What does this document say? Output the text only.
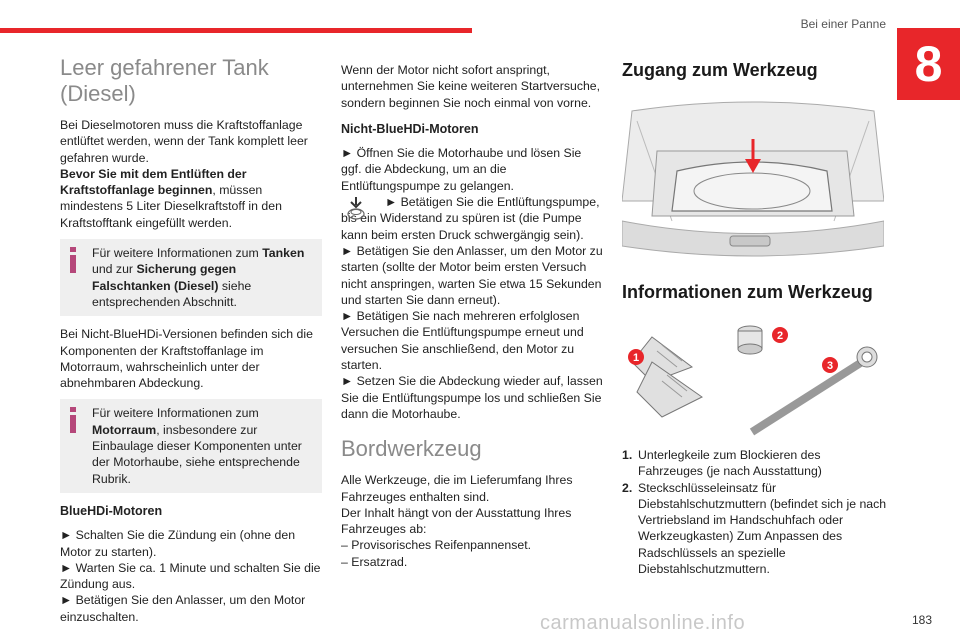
Bei einer Panne
8
Leer gefahrener Tank (Diesel)

Bei Dieselmotoren muss die Kraftstoffanlage entlüftet werden, wenn der Tank komplett leer gefahren wurde.
Bevor Sie mit dem Entlüften der Kraftstoffanlage beginnen, müssen mindestens 5 Liter Dieselkraftstoff in den Kraftstofftank eingefüllt werden.

Für weitere Informationen zum Tanken und zur Sicherung gegen Falschtanken (Diesel) siehe entsprechenden Abschnitt.

Bei Nicht-BlueHDi-Versionen befinden sich die Komponenten der Kraftstoffanlage im Motorraum, wahrscheinlich unter der abnehmbaren Abdeckung.

Für weitere Informationen zum Motorraum, insbesondere zur Einbaulage dieser Komponenten unter der Motorhaube, siehe entsprechende Rubrik.
BlueHDi-Motoren
► Schalten Sie die Zündung ein (ohne den Motor zu starten).
► Warten Sie ca. 1 Minute und schalten Sie die Zündung aus.
► Betätigen Sie den Anlasser, um den Motor einzuschalten.

Wenn der Motor nicht sofort anspringt, unternehmen Sie keine weiteren Startversuche, sondern beginnen Sie noch einmal von vorne.

Nicht-BlueHDi-Motoren
► Öffnen Sie die Motorhaube und lösen Sie ggf. die Abdeckung, um an die Entlüftungspumpe zu gelangen.
► Betätigen Sie die Entlüftungspumpe, bis ein Widerstand zu spüren ist (die Pumpe kann beim ersten Druck schwergängig sein).
► Betätigen Sie den Anlasser, um den Motor zu starten (sollte der Motor beim ersten Versuch nicht anspringen, warten Sie etwa 15 Sekunden und starten Sie dann erneut).
► Betätigen Sie nach mehreren erfolglosen Versuchen die Entlüftungspumpe erneut und versuchen Sie anschließend, den Motor zu starten.
► Setzen Sie die Abdeckung wieder auf, lassen Sie die Entlüftungspumpe los und schließen Sie dann die Motorhaube.
Bordwerkzeug
Alle Werkzeuge, die im Lieferumfang Ihres Fahrzeuges enthalten sind.
Der Inhalt hängt von der Ausstattung Ihres Fahrzeuges ab:
– Provisorisches Reifenpannenset.
– Ersatzrad.
Zugang zum Werkzeug
Informationen zum Werkzeug
1
2
3
1. Unterlegkeile zum Blockieren des Fahrzeuges (je nach Ausstattung)
2. Steckschlüsseleinsatz für Diebstahlschutzmuttern (befindet sich je nach Vertriebsland im Handschuhfach oder Werkzeugkasten) Zum Anpassen des Radschlüssels an spezielle Diebstahlschutzmuttern.
carmanualsonline.info	183
